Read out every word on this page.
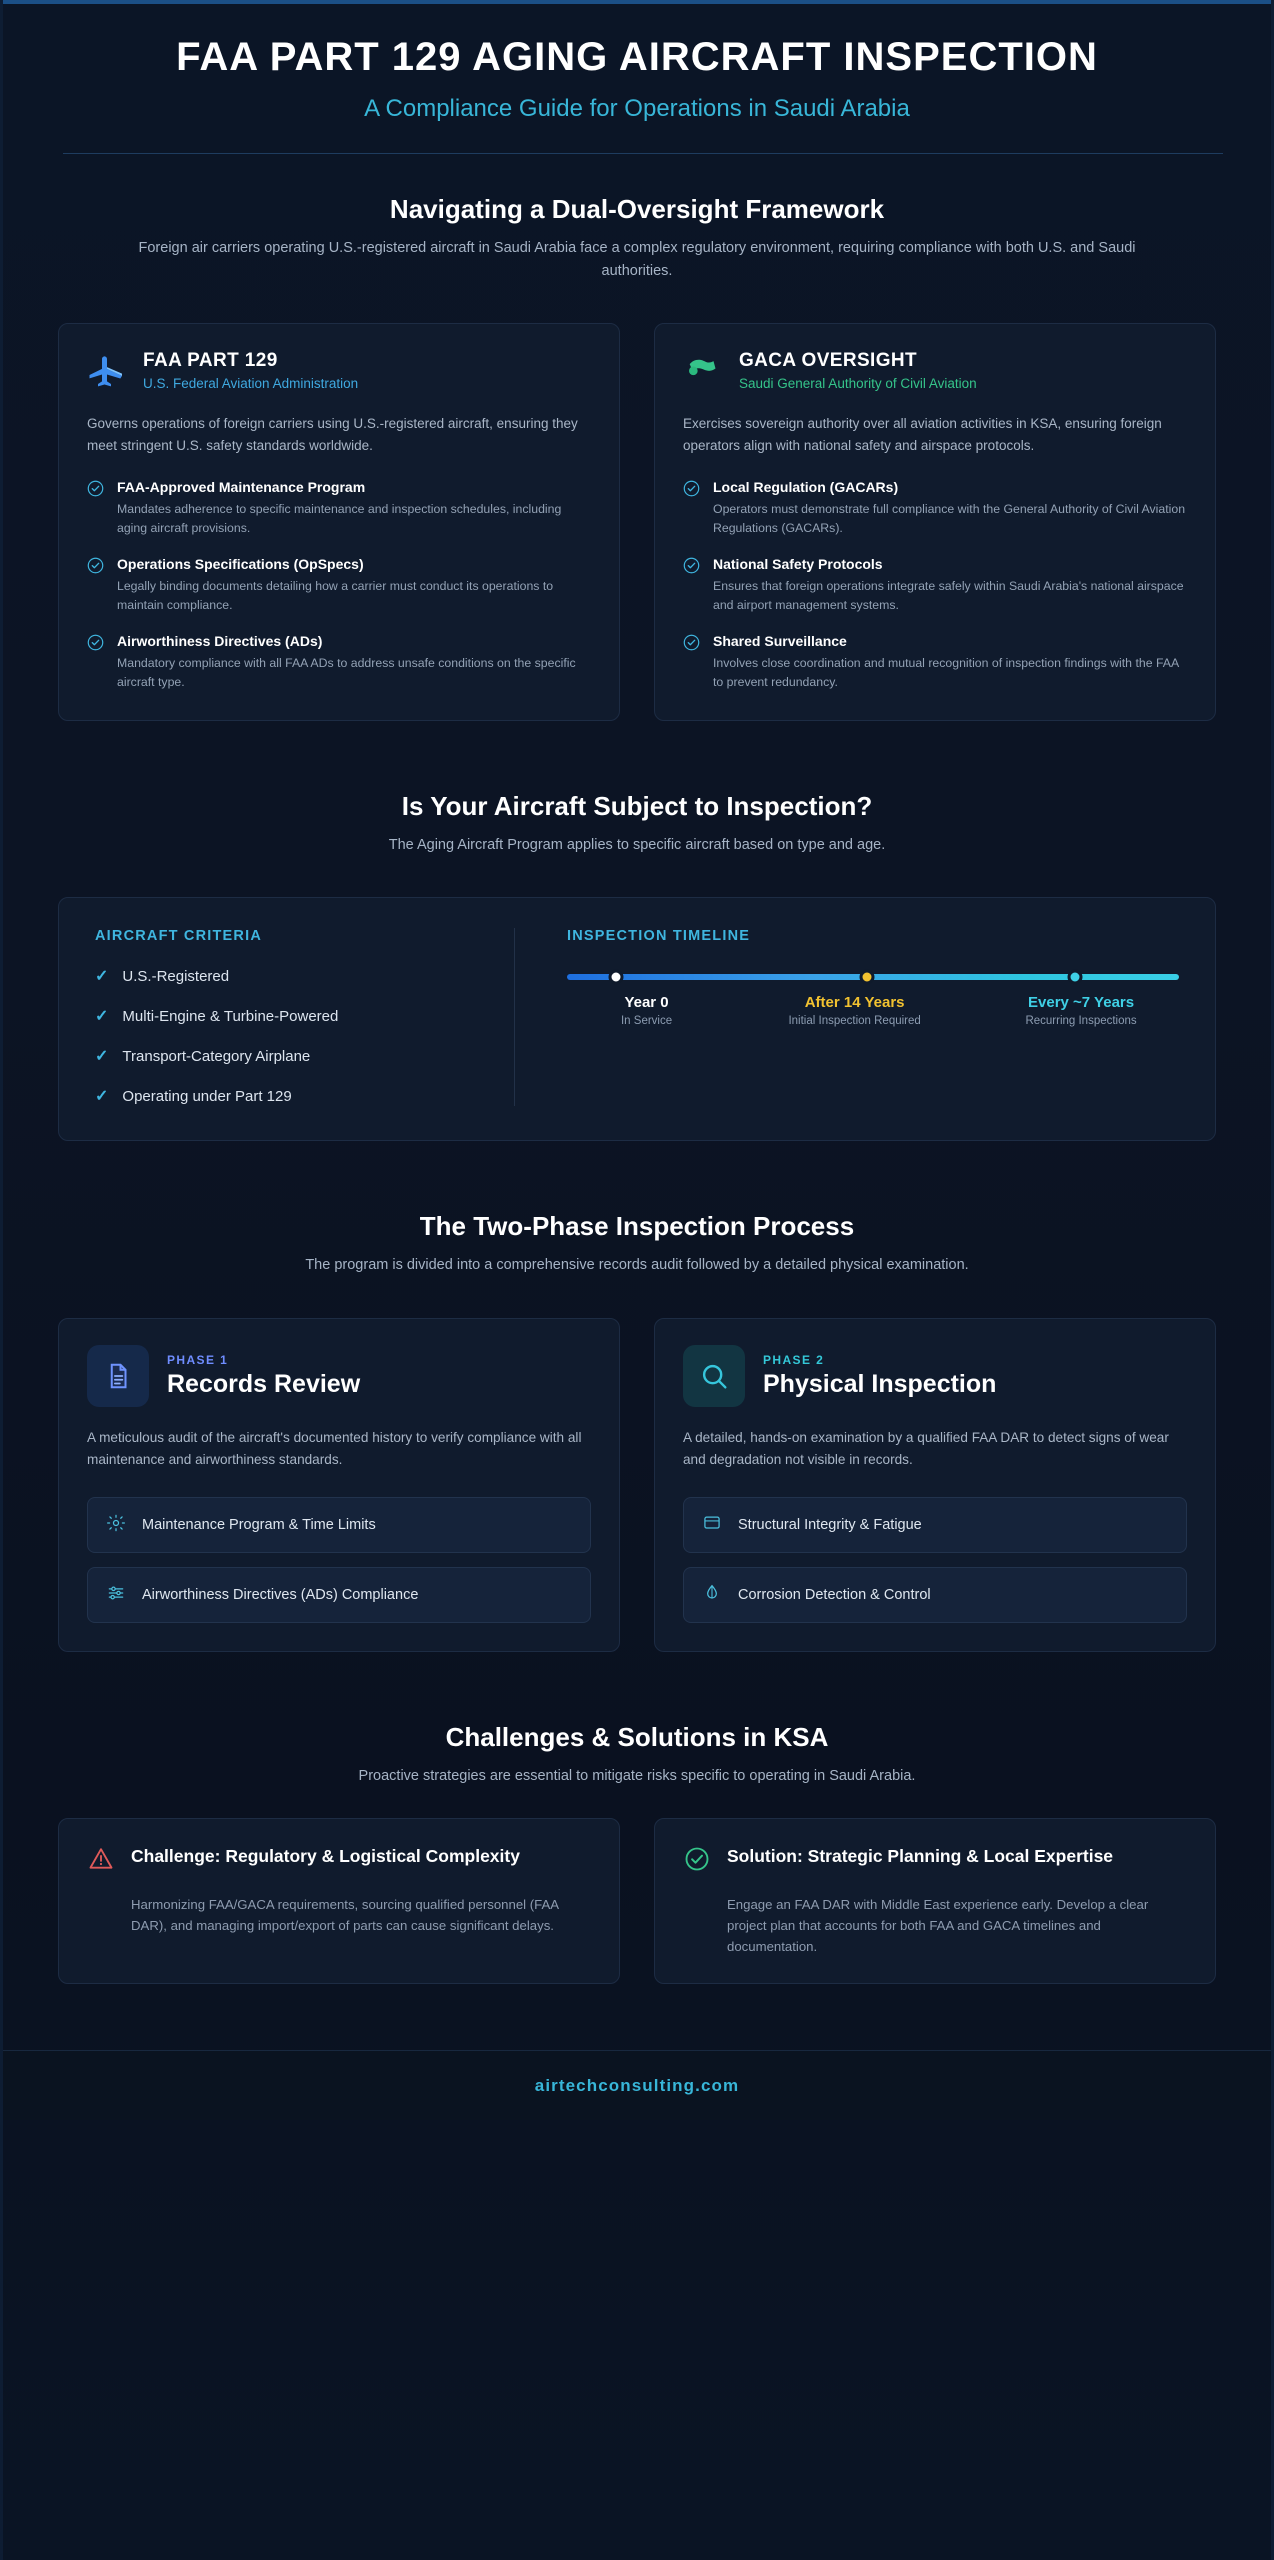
FAA PART 129 AGING AIRCRAFT INSPECTION
A Compliance Guide for Operations in Saudi Arabia
Navigating a Dual-Oversight Framework

Foreign air carriers operating U.S.-registered aircraft in Saudi Arabia face a complex regulatory environment, requiring compliance with both U.S. and Saudi authorities.

FAA PART 129
U.S. Federal Aviation Administration

Governs operations of foreign carriers using U.S.-registered aircraft, ensuring they meet stringent U.S. safety standards worldwide.

FAA-Approved Maintenance Program

Mandates adherence to specific maintenance and inspection schedules, including aging aircraft provisions.

Operations Specifications (OpSpecs)

Legally binding documents detailing how a carrier must conduct its operations to maintain compliance.

Airworthiness Directives (ADs)

Mandatory compliance with all FAA ADs to address unsafe conditions on the specific aircraft type.

GACA OVERSIGHT
Saudi General Authority of Civil Aviation

Exercises sovereign authority over all aviation activities in KSA, ensuring foreign operators align with national safety and airspace protocols.

Local Regulation (GACARs)

Operators must demonstrate full compliance with the General Authority of Civil Aviation Regulations (GACARs).

National Safety Protocols

Ensures that foreign operations integrate safely within Saudi Arabia's national airspace and airport management systems.

Shared Surveillance

Involves close coordination and mutual recognition of inspection findings with the FAA to prevent redundancy.

Is Your Aircraft Subject to Inspection?

The Aging Aircraft Program applies to specific aircraft based on type and age.

AIRCRAFT CRITERIA
✓ U.S.-Registered
✓ Multi-Engine & Turbine-Powered
✓ Transport-Category Airplane
✓ Operating under Part 129
INSPECTION TIMELINE
Year 0
In Service
After 14 Years
Initial Inspection Required
Every ~7 Years
Recurring Inspections
The Two-Phase Inspection Process

The program is divided into a comprehensive records audit followed by a detailed physical examination.

PHASE 1
Records Review

A meticulous audit of the aircraft's documented history to verify compliance with all maintenance and airworthiness standards.

Maintenance Program & Time Limits
Airworthiness Directives (ADs) Compliance
PHASE 2
Physical Inspection

A detailed, hands-on examination by a qualified FAA DAR to detect signs of wear and degradation not visible in records.

Structural Integrity & Fatigue
Corrosion Detection & Control
Challenges & Solutions in KSA

Proactive strategies are essential to mitigate risks specific to operating in Saudi Arabia.

Challenge: Regulatory & Logistical Complexity

Harmonizing FAA/GACA requirements, sourcing qualified personnel (FAA DAR), and managing import/export of parts can cause significant delays.

Solution: Strategic Planning & Local Expertise

Engage an FAA DAR with Middle East experience early. Develop a clear project plan that accounts for both FAA and GACA timelines and documentation.

airtechconsulting.com
